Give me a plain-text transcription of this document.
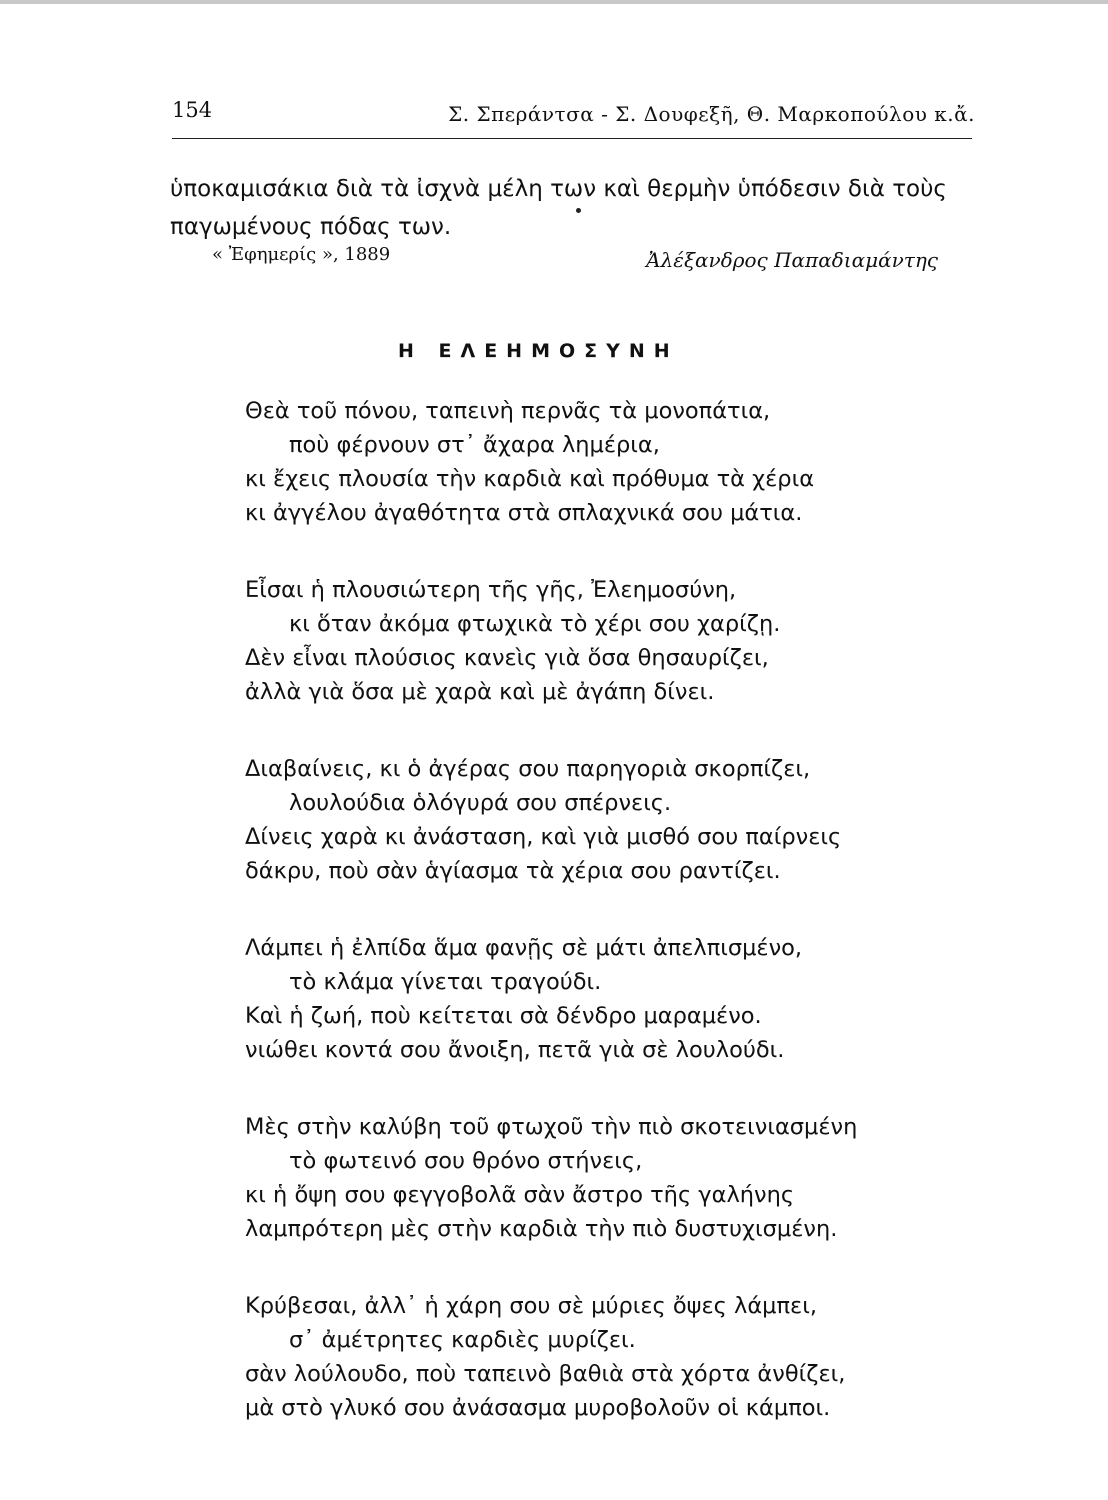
154	Σ. Σπεράντσα - Σ. Δουφεξῆ, Θ. Μαρκοπούλου κ.ἄ.

ὑποκαμισάκια διὰ τὰ ἰσχνὰ μέλη των καὶ θερμὴν ὑπόδεσιν διὰ τοὺς

παγωμένους πόδας των.

« Ἐφημερίς », 1889	Ἀλέξανδρος Παπαδιαμάντης
Η ΕΛΕΗΜΟΣΥΝΗ
Θεὰ τοῦ πόνου, ταπεινὴ περνᾶς τὰ μονοπάτια,
ποὺ φέρνουν στ᾽ ἄχαρα λημέρια,
κι ἔχεις πλουσία τὴν καρδιὰ καὶ πρόθυμα τὰ χέρια
κι ἀγγέλου ἀγαθότητα στὰ σπλαχνικά σου μάτια.
Εἶσαι ἡ πλουσιώτερη τῆς γῆς, Ἐλεημοσύνη,
κι ὅταν ἀκόμα φτωχικὰ τὸ χέρι σου χαρίζῃ.
Δὲν εἶναι πλούσιος κανεὶς γιὰ ὅσα θησαυρίζει,
ἀλλὰ γιὰ ὅσα μὲ χαρὰ καὶ μὲ ἀγάπη δίνει.
Διαβαίνεις, κι ὁ ἀγέρας σου παρηγοριὰ σκορπίζει,
λουλούδια ὁλόγυρά σου σπέρνεις.
Δίνεις χαρὰ κι ἀνάσταση, καὶ γιὰ μισθό σου παίρνεις
δάκρυ, ποὺ σὰν ἁγίασμα τὰ χέρια σου ραντίζει.
Λάμπει ἡ ἐλπίδα ἅμα φανῇς σὲ μάτι ἀπελπισμένο,
τὸ κλάμα γίνεται τραγούδι.
Καὶ ἡ ζωή, ποὺ κείτεται σὰ δένδρο μαραμένο.
νιώθει κοντά σου ἄνοιξη, πετᾶ γιὰ σὲ λουλούδι.
Μὲς στὴν καλύβη τοῦ φτωχοῦ τὴν πιὸ σκοτεινιασμένη
τὸ φωτεινό σου θρόνο στήνεις,
κι ἡ ὄψη σου φεγγοβολᾶ σὰν ἄστρο τῆς γαλήνης
λαμπρότερη μὲς στὴν καρδιὰ τὴν πιὸ δυστυχισμένη.
Κρύβεσαι, ἀλλ᾽ ἡ χάρη σου σὲ μύριες ὄψες λάμπει,
σ᾽ ἀμέτρητες καρδιὲς μυρίζει.
σὰν λούλουδο, ποὺ ταπεινὸ βαθιὰ στὰ χόρτα ἀνθίζει,
μὰ στὸ γλυκό σου ἀνάσασμα μυροβολοῦν οἱ κάμποι.
